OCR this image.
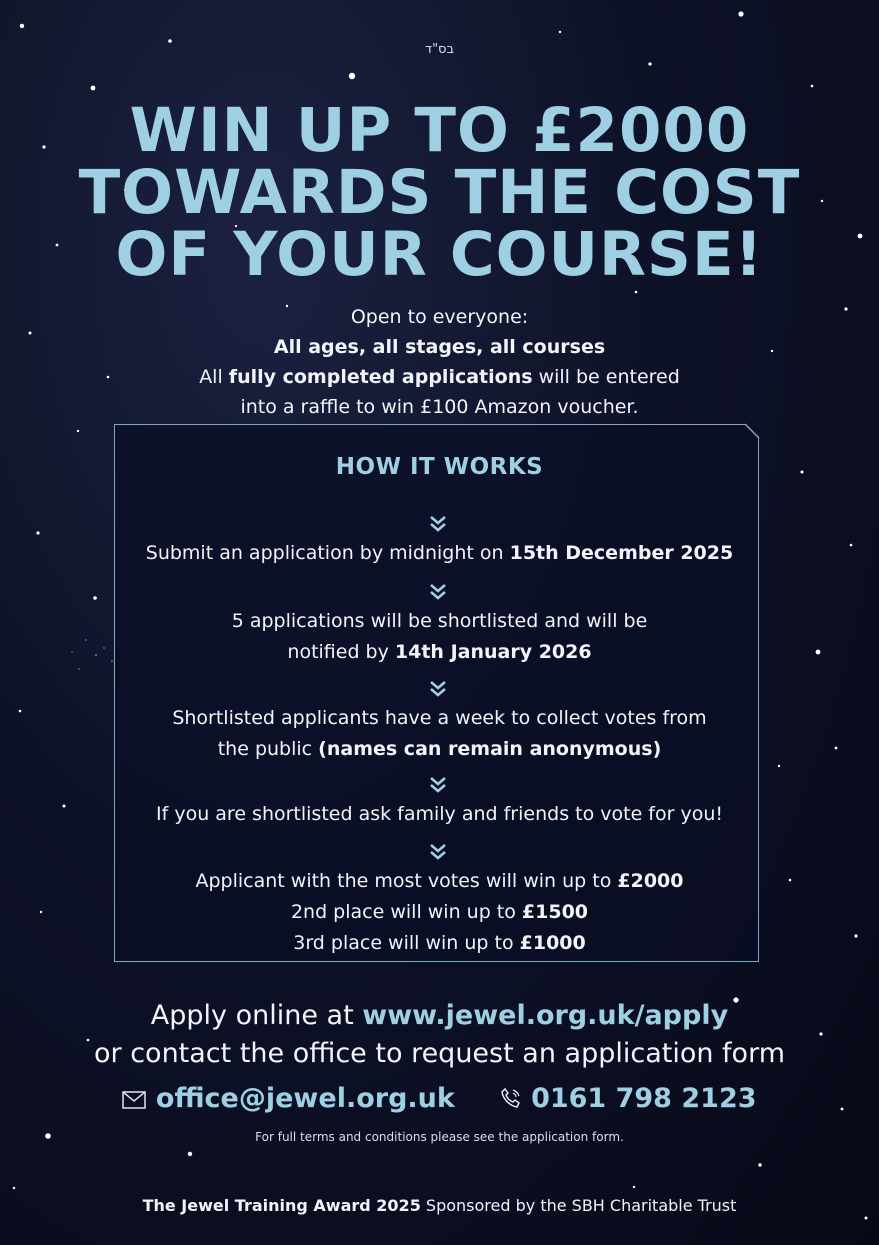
בס"ד
WIN UP TO £2000
TOWARDS THE COST
OF YOUR COURSE!
Open to everyone:
All ages, all stages, all courses
All fully completed applications will be entered
into a raffle to win £100 Amazon voucher.
HOW IT WORKS
Submit an application by midnight on 15th December 2025
5 applications will be shortlisted and will be
notified by 14th January 2026
Shortlisted applicants have a week to collect votes from
the public (names can remain anonymous)
If you are shortlisted ask family and friends to vote for you!
Applicant with the most votes will win up to £2000
2nd place will win up to £1500
3rd place will win up to £1000
Apply online at www.jewel.org.uk/apply
or contact the office to request an application form
office@jewel.org.uk	0161 798 2123
For full terms and conditions please see the application form.
The Jewel Training Award 2025 Sponsored by the SBH Charitable Trust
